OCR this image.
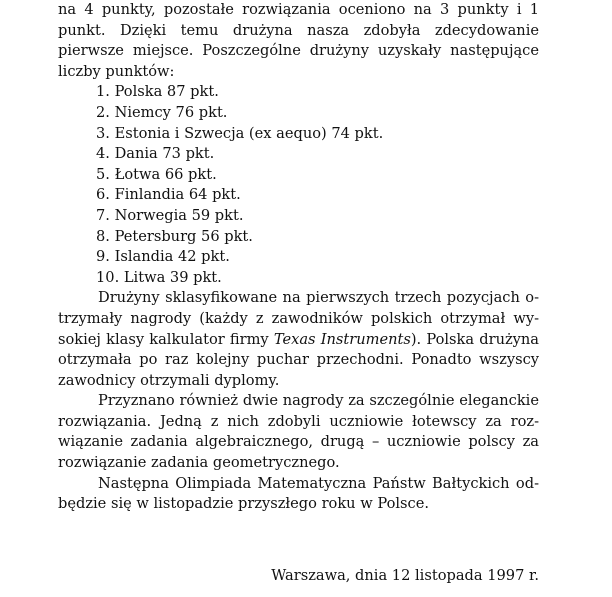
na 4 punkty, pozostałe rozwiązania oceniono na 3 punkty i 1 punkt. Dzięki temu drużyna nasza zdobyła zdecydowanie pierwsze miejsce. Poszczególne drużyny uzyskały następujące liczby punktów:

1. Polska 87 pkt.
2. Niemcy 76 pkt.
3. Estonia i Szwecja (ex aequo) 74 pkt.
4. Dania 73 pkt.
5. Łotwa 66 pkt.
6. Finlandia 64 pkt.
7. Norwegia 59 pkt.
8. Petersburg 56 pkt.
9. Islandia 42 pkt.
10. Litwa 39 pkt.

Drużyny sklasyfikowane na pierwszych trzech pozycjach otrzymały nagrody (każdy z zawodników polskich otrzymał wysokiej klasy kalkulator firmy Texas Instruments). Polska drużyna otrzymała po raz kolejny puchar przechodni. Ponadto wszyscy zawodnicy otrzymali dyplomy.

Przyznano również dwie nagrody za szczególnie eleganckie rozwiązania. Jedną z nich zdobyli uczniowie łotewscy za rozwiązanie zadania algebraicznego, drugą – uczniowie polscy za rozwiązanie zadania geometrycznego.

Następna Olimpiada Matematyczna Państw Bałtyckich odbędzie się w listopadzie przyszłego roku w Polsce.

Warszawa, dnia 12 listopada 1997 r.
